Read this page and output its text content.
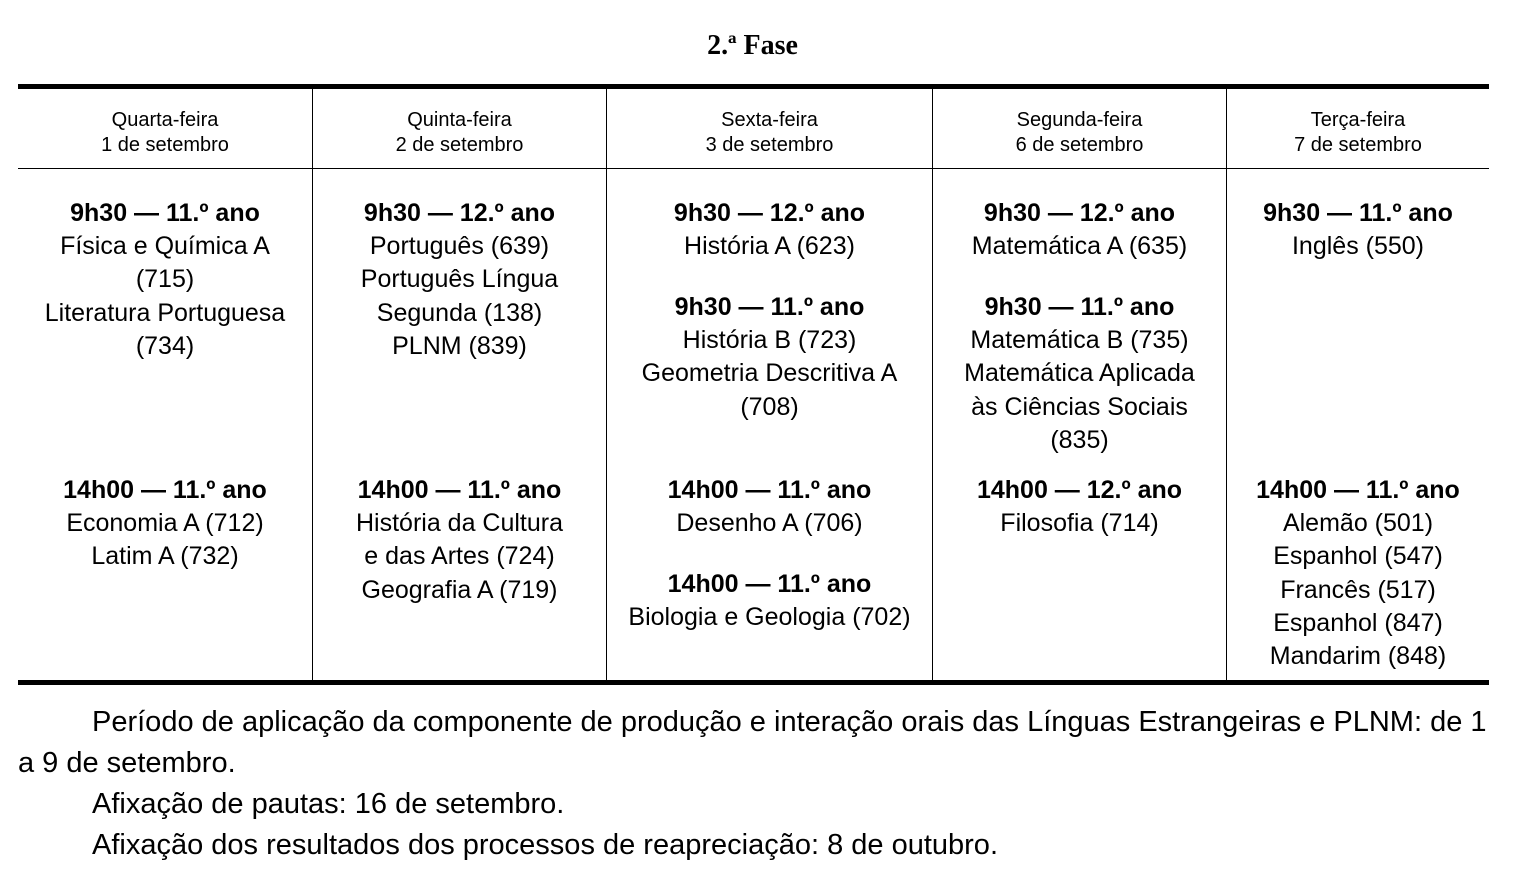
2.ª Fase
Quarta-feira
1 de setembro
9h30 — 11.º ano
Física e Química A
(715)
Literatura Portuguesa
(734)
14h00 — 11.º ano
Economia A (712)
Latim A (732)
Quinta-feira
2 de setembro
9h30 — 12.º ano
Português (639)
Português Língua
Segunda (138)
PLNM (839)
14h00 — 11.º ano
História da Cultura
e das Artes (724)
Geografia A (719)
Sexta-feira
3 de setembro
9h30 — 12.º ano
História A (623)
9h30 — 11.º ano
História B (723)
Geometria Descritiva A
(708)
14h00 — 11.º ano
Desenho A (706)
14h00 — 11.º ano
Biologia e Geologia (702)
Segunda-feira
6 de setembro
9h30 — 12.º ano
Matemática A (635)
9h30 — 11.º ano
Matemática B (735)
Matemática Aplicada
às Ciências Sociais
(835)
14h00 — 12.º ano
Filosofia (714)
Terça-feira
7 de setembro
9h30 — 11.º ano
Inglês (550)
14h00 — 11.º ano
Alemão (501)
Espanhol (547)
Francês (517)
Espanhol (847)
Mandarim (848)

Período de aplicação da componente de produção e interação orais das Línguas Estrangeiras e PLNM: de 1 a 9 de setembro.

Afixação de pautas: 16 de setembro.

Afixação dos resultados dos processos de reapreciação: 8 de outubro.
